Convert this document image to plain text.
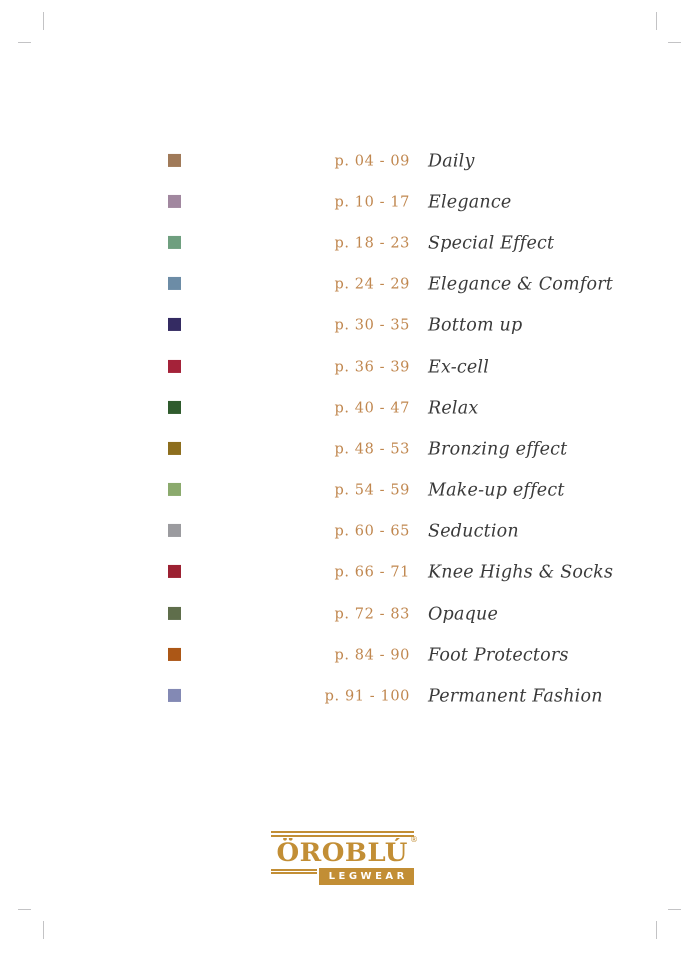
p. 04 - 09 Daily
p. 10 - 17 Elegance
p. 18 - 23 Special Effect
p. 24 - 29 Elegance & Comfort
p. 30 - 35 Bottom up
p. 36 - 39 Ex-cell
p. 40 - 47 Relax
p. 48 - 53 Bronzing effect
p. 54 - 59 Make-up effect
p. 60 - 65 Seduction
p. 66 - 71 Knee Highs & Socks
p. 72 - 83 Opaque
p. 84 - 90 Foot Protectors
p. 91 - 100 Permanent Fashion
ÖROBLÚ ®
LEGWEAR
